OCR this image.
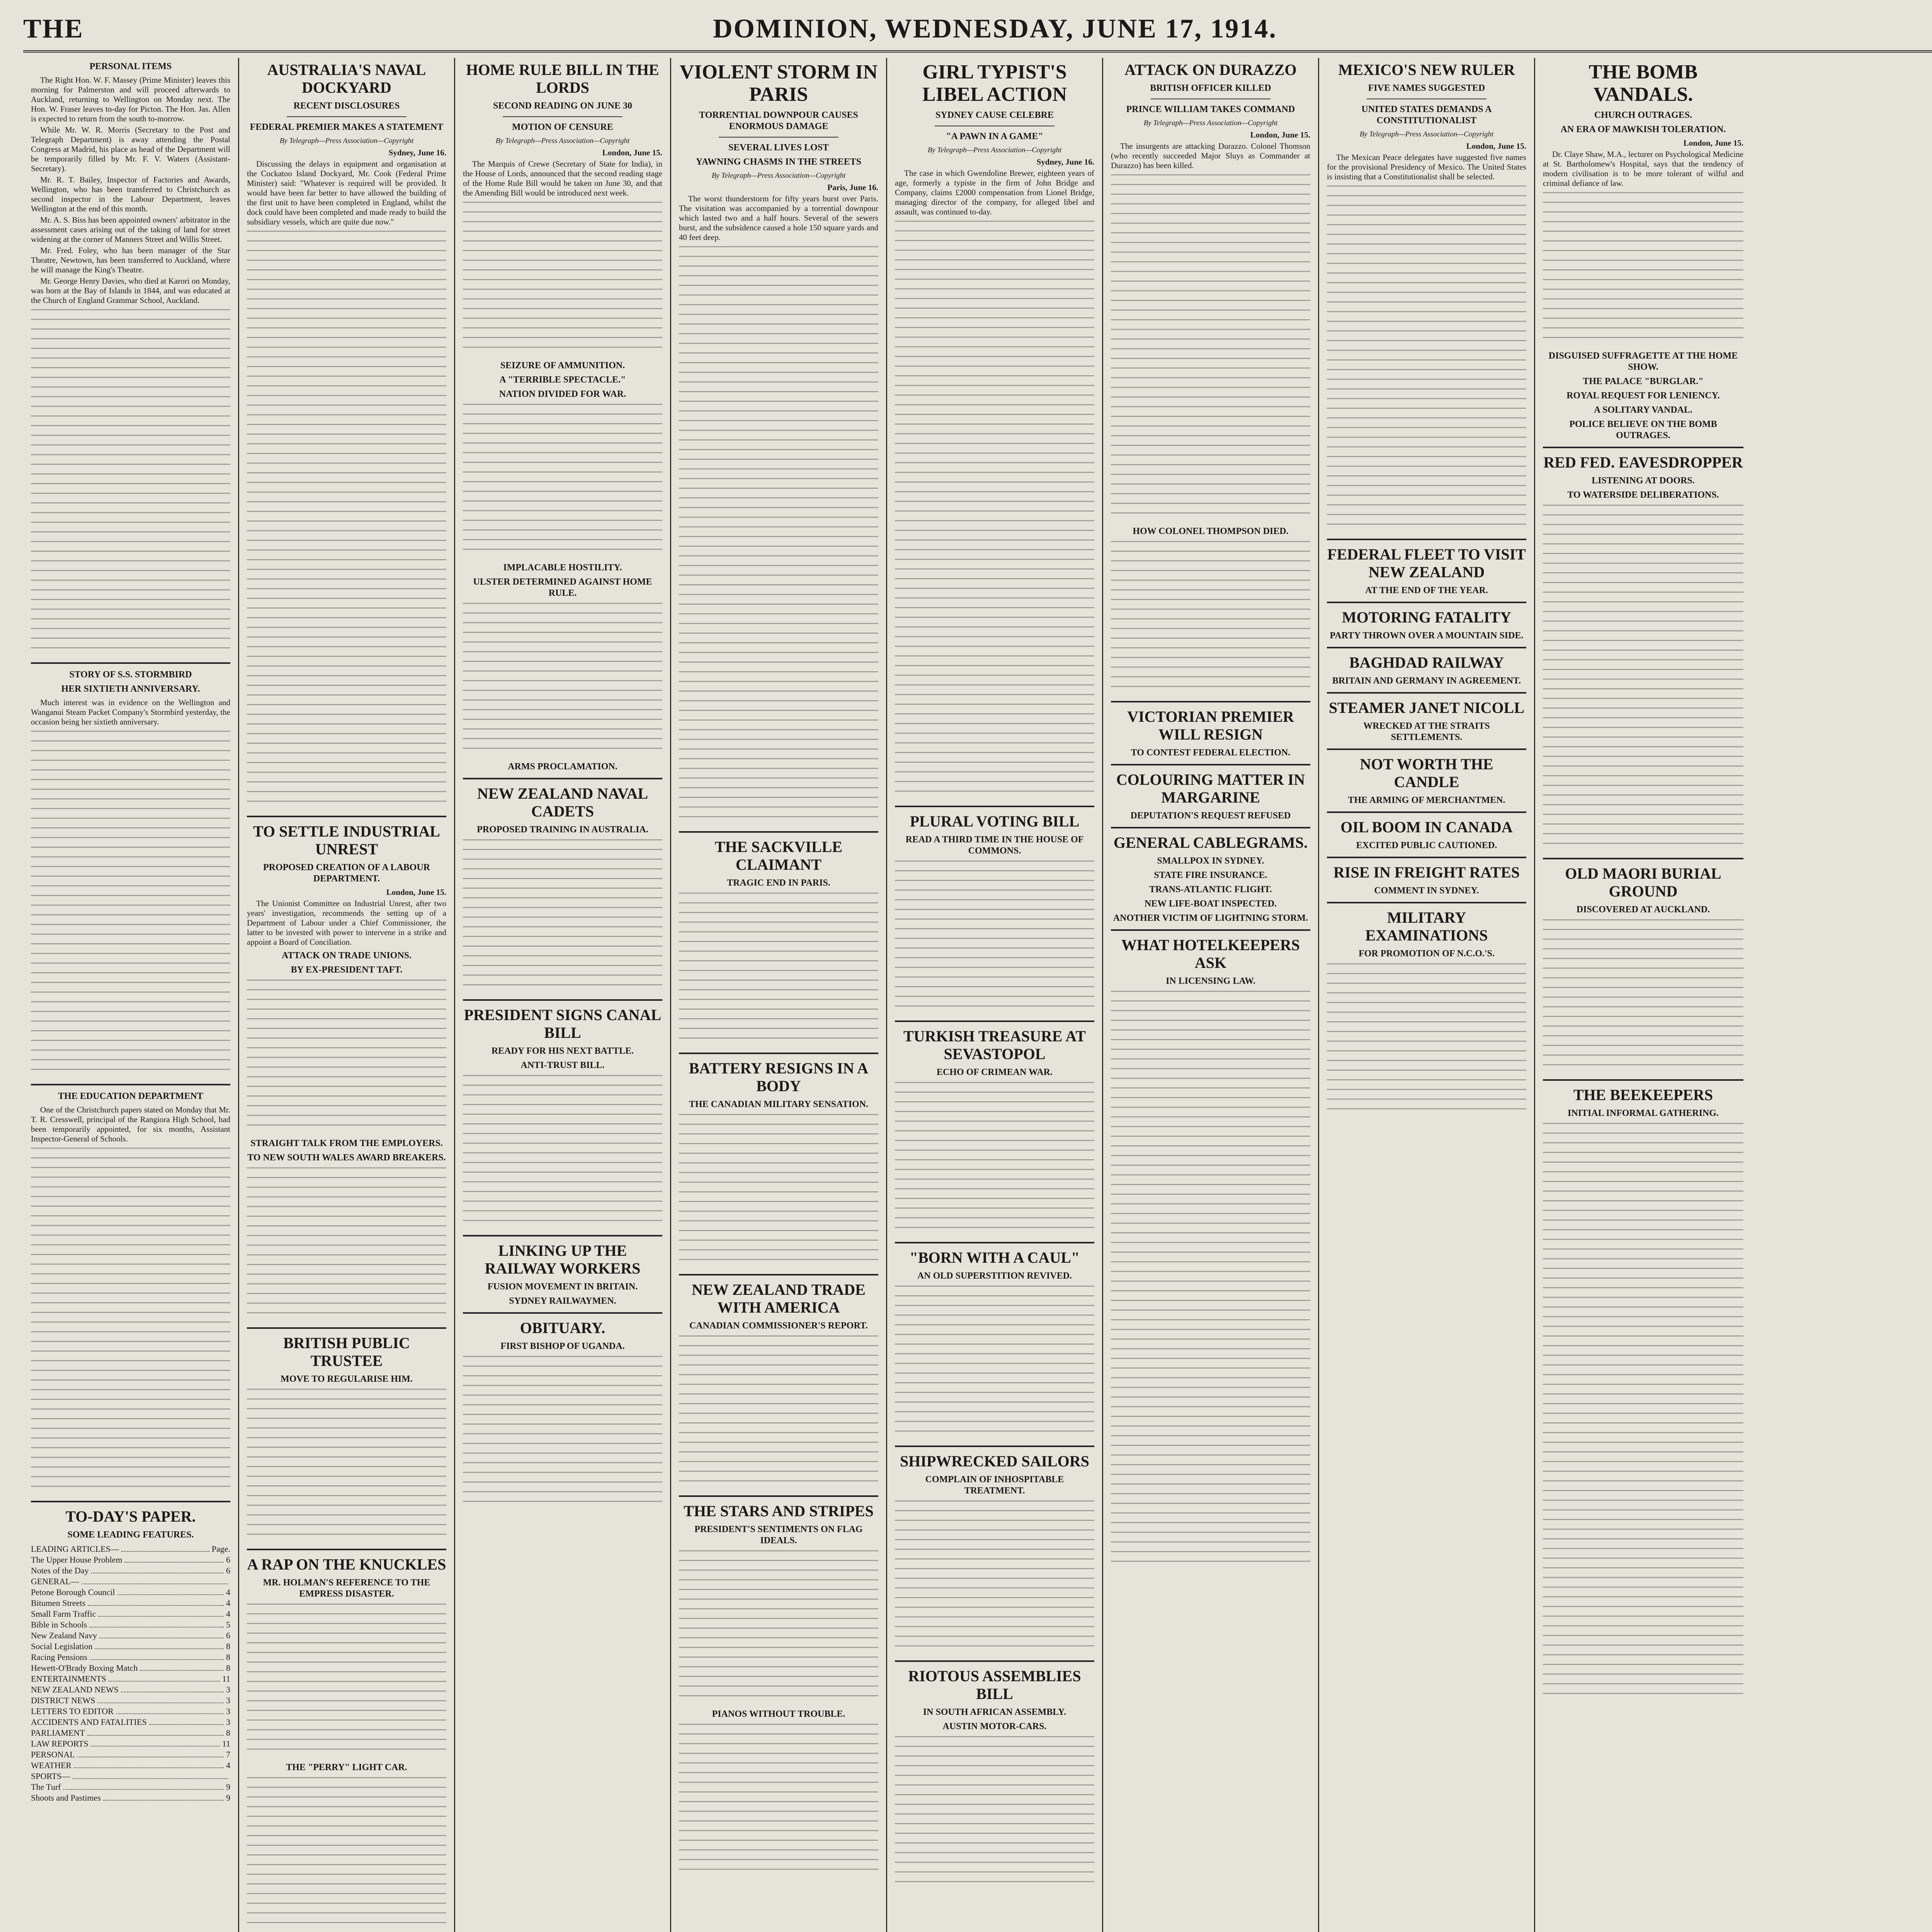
THE	DOMINION, WEDNESDAY, JUNE 17, 1914.
PERSONAL ITEMS

The Right Hon. W. F. Massey (Prime Minister) leaves this morning for Palmerston and will proceed afterwards to Auckland, returning to Wellington on Monday next. The Hon. W. Fraser leaves to-day for Picton. The Hon. Jas. Allen is expected to return from the south to-morrow.

While Mr. W. R. Morris (Secretary to the Post and Telegraph Department) is away attending the Postal Congress at Madrid, his place as head of the Department will be temporarily filled by Mr. F. V. Waters (Assistant-Secretary).

Mr. R. T. Bailey, Inspector of Factories and Awards, Wellington, who has been transferred to Christchurch as second inspector in the Labour Department, leaves Wellington at the end of this month.

Mr. A. S. Biss has been appointed owners' arbitrator in the assessment cases arising out of the taking of land for street widening at the corner of Manners Street and Willis Street.

Mr. Fred. Foley, who has been manager of the Star Theatre, Newtown, has been transferred to Auckland, where he will manage the King's Theatre.

Mr. George Henry Davies, who died at Karori on Monday, was born at the Bay of Islands in 1844, and was educated at the Church of England Grammar School, Auckland.

STORY OF S.S. STORMBIRD
HER SIXTIETH ANNIVERSARY.

Much interest was in evidence on the Wellington and Wanganui Steam Packet Company's Stormbird yesterday, the occasion being her sixtieth anniversary.

THE EDUCATION DEPARTMENT

One of the Christchurch papers stated on Monday that Mr. T. R. Cresswell, principal of the Rangiora High School, had been temporarily appointed, for six months, Assistant Inspector-General of Schools.

TO-DAY'S PAPER.
SOME LEADING FEATURES.
LEADING ARTICLES—	Page.
The Upper House Problem	6
Notes of the Day	6
GENERAL—
Petone Borough Council	4
Bitumen Streets	4
Small Farm Traffic	4
Bible in Schools	5
New Zealand Navy	6
Social Legislation	8
Racing Pensions	8
Hewett-O'Brady Boxing Match	8
ENTERTAINMENTS	11
NEW ZEALAND NEWS	3
DISTRICT NEWS	3
LETTERS TO EDITOR	3
ACCIDENTS AND FATALITIES	3
PARLIAMENT	8
LAW REPORTS	11
PERSONAL	7
WEATHER	4
SPORTS—
The Turf	9
Shoots and Pastimes	9
AUSTRALIA'S NAVAL DOCKYARD
RECENT DISCLOSURES
FEDERAL PREMIER MAKES A STATEMENT
By Telegraph—Press Association—Copyright
Sydney, June 16.

Discussing the delays in equipment and organisation at the Cockatoo Island Dockyard, Mr. Cook (Federal Prime Minister) said: "Whatever is required will be provided. It would have been far better to have allowed the building of the first unit to have been completed in England, whilst the dock could have been completed and made ready to build the subsidiary vessels, which are quite due now."

TO SETTLE INDUSTRIAL UNREST
PROPOSED CREATION OF A LABOUR DEPARTMENT.
London, June 15.

The Unionist Committee on Industrial Unrest, after two years' investigation, recommends the setting up of a Department of Labour under a Chief Commissioner, the latter to be invested with power to intervene in a strike and appoint a Board of Conciliation.

ATTACK ON TRADE UNIONS.
BY EX-PRESIDENT TAFT.
STRAIGHT TALK FROM THE EMPLOYERS.
TO NEW SOUTH WALES AWARD BREAKERS.
BRITISH PUBLIC TRUSTEE
MOVE TO REGULARISE HIM.
A RAP ON THE KNUCKLES
MR. HOLMAN'S REFERENCE TO THE EMPRESS DISASTER.
THE "PERRY" LIGHT CAR.
HOME RULE BILL IN THE LORDS
SECOND READING ON JUNE 30
MOTION OF CENSURE
By Telegraph—Press Association—Copyright
London, June 15.

The Marquis of Crewe (Secretary of State for India), in the House of Lords, announced that the second reading stage of the Home Rule Bill would be taken on June 30, and that the Amending Bill would be introduced next week.

SEIZURE OF AMMUNITION.
A "TERRIBLE SPECTACLE."
NATION DIVIDED FOR WAR.
IMPLACABLE HOSTILITY.
ULSTER DETERMINED AGAINST HOME RULE.
ARMS PROCLAMATION.
NEW ZEALAND NAVAL CADETS
PROPOSED TRAINING IN AUSTRALIA.
PRESIDENT SIGNS CANAL BILL
READY FOR HIS NEXT BATTLE.
ANTI-TRUST BILL.
LINKING UP THE RAILWAY WORKERS
FUSION MOVEMENT IN BRITAIN.
SYDNEY RAILWAYMEN.
OBITUARY.
FIRST BISHOP OF UGANDA.
VIOLENT STORM IN PARIS
TORRENTIAL DOWNPOUR CAUSES ENORMOUS DAMAGE
SEVERAL LIVES LOST
YAWNING CHASMS IN THE STREETS
By Telegraph—Press Association—Copyright
Paris, June 16.

The worst thunderstorm for fifty years burst over Paris. The visitation was accompanied by a torrential downpour which lasted two and a half hours. Several of the sewers burst, and the subsidence caused a hole 150 square yards and 40 feet deep.

THE SACKVILLE CLAIMANT
TRAGIC END IN PARIS.
BATTERY RESIGNS IN A BODY
THE CANADIAN MILITARY SENSATION.
NEW ZEALAND TRADE WITH AMERICA
CANADIAN COMMISSIONER'S REPORT.
THE STARS AND STRIPES
PRESIDENT'S SENTIMENTS ON FLAG IDEALS.
PIANOS WITHOUT TROUBLE.
GIRL TYPIST'S LIBEL ACTION
SYDNEY CAUSE CELEBRE
"A PAWN IN A GAME"
By Telegraph—Press Association—Copyright
Sydney, June 16.

The case in which Gwendoline Brewer, eighteen years of age, formerly a typiste in the firm of John Bridge and Company, claims £2000 compensation from Lionel Bridge, managing director of the company, for alleged libel and assault, was continued to-day.

PLURAL VOTING BILL
READ A THIRD TIME IN THE HOUSE OF COMMONS.
TURKISH TREASURE AT SEVASTOPOL
ECHO OF CRIMEAN WAR.
"BORN WITH A CAUL"
AN OLD SUPERSTITION REVIVED.
SHIPWRECKED SAILORS
COMPLAIN OF INHOSPITABLE TREATMENT.
RIOTOUS ASSEMBLIES BILL
IN SOUTH AFRICAN ASSEMBLY.
AUSTIN MOTOR-CARS.
ATTACK ON DURAZZO
BRITISH OFFICER KILLED
PRINCE WILLIAM TAKES COMMAND
By Telegraph—Press Association—Copyright
London, June 15.

The insurgents are attacking Durazzo. Colonel Thomson (who recently succeeded Major Sluys as Commander at Durazzo) has been killed.

HOW COLONEL THOMPSON DIED.
VICTORIAN PREMIER WILL RESIGN
TO CONTEST FEDERAL ELECTION.
COLOURING MATTER IN MARGARINE
DEPUTATION'S REQUEST REFUSED
GENERAL CABLEGRAMS.
SMALLPOX IN SYDNEY.
STATE FIRE INSURANCE.
TRANS-ATLANTIC FLIGHT.
NEW LIFE-BOAT INSPECTED.
ANOTHER VICTIM OF LIGHTNING STORM.
WHAT HOTELKEEPERS ASK
IN LICENSING LAW.
MEXICO'S NEW RULER
FIVE NAMES SUGGESTED
UNITED STATES DEMANDS A CONSTITUTIONALIST
By Telegraph—Press Association—Copyright
London, June 15.

The Mexican Peace delegates have suggested five names for the provisional Presidency of Mexico. The United States is insisting that a Constitutionalist shall be selected.

FEDERAL FLEET TO VISIT NEW ZEALAND
AT THE END OF THE YEAR.
MOTORING FATALITY
PARTY THROWN OVER A MOUNTAIN SIDE.
BAGHDAD RAILWAY
BRITAIN AND GERMANY IN AGREEMENT.
STEAMER JANET NICOLL
WRECKED AT THE STRAITS SETTLEMENTS.
NOT WORTH THE CANDLE
THE ARMING OF MERCHANTMEN.
OIL BOOM IN CANADA
EXCITED PUBLIC CAUTIONED.
RISE IN FREIGHT RATES
COMMENT IN SYDNEY.
MILITARY EXAMINATIONS
FOR PROMOTION OF N.C.O.'S.
THE BOMB VANDALS.
CHURCH OUTRAGES.
AN ERA OF MAWKISH TOLERATION.
London, June 15.

Dr. Claye Shaw, M.A., lecturer on Psychological Medicine at St. Bartholomew's Hospital, says that the tendency of modern civilisation is to be more tolerant of wilful and criminal defiance of law.

DISGUISED SUFFRAGETTE AT THE HOME SHOW.
THE PALACE "BURGLAR."
ROYAL REQUEST FOR LENIENCY.
A SOLITARY VANDAL.
POLICE BELIEVE ON THE BOMB OUTRAGES.
RED FED. EAVESDROPPER
LISTENING AT DOORS.
TO WATERSIDE DELIBERATIONS.
OLD MAORI BURIAL GROUND
DISCOVERED AT AUCKLAND.
THE BEEKEEPERS
INITIAL INFORMAL GATHERING.
